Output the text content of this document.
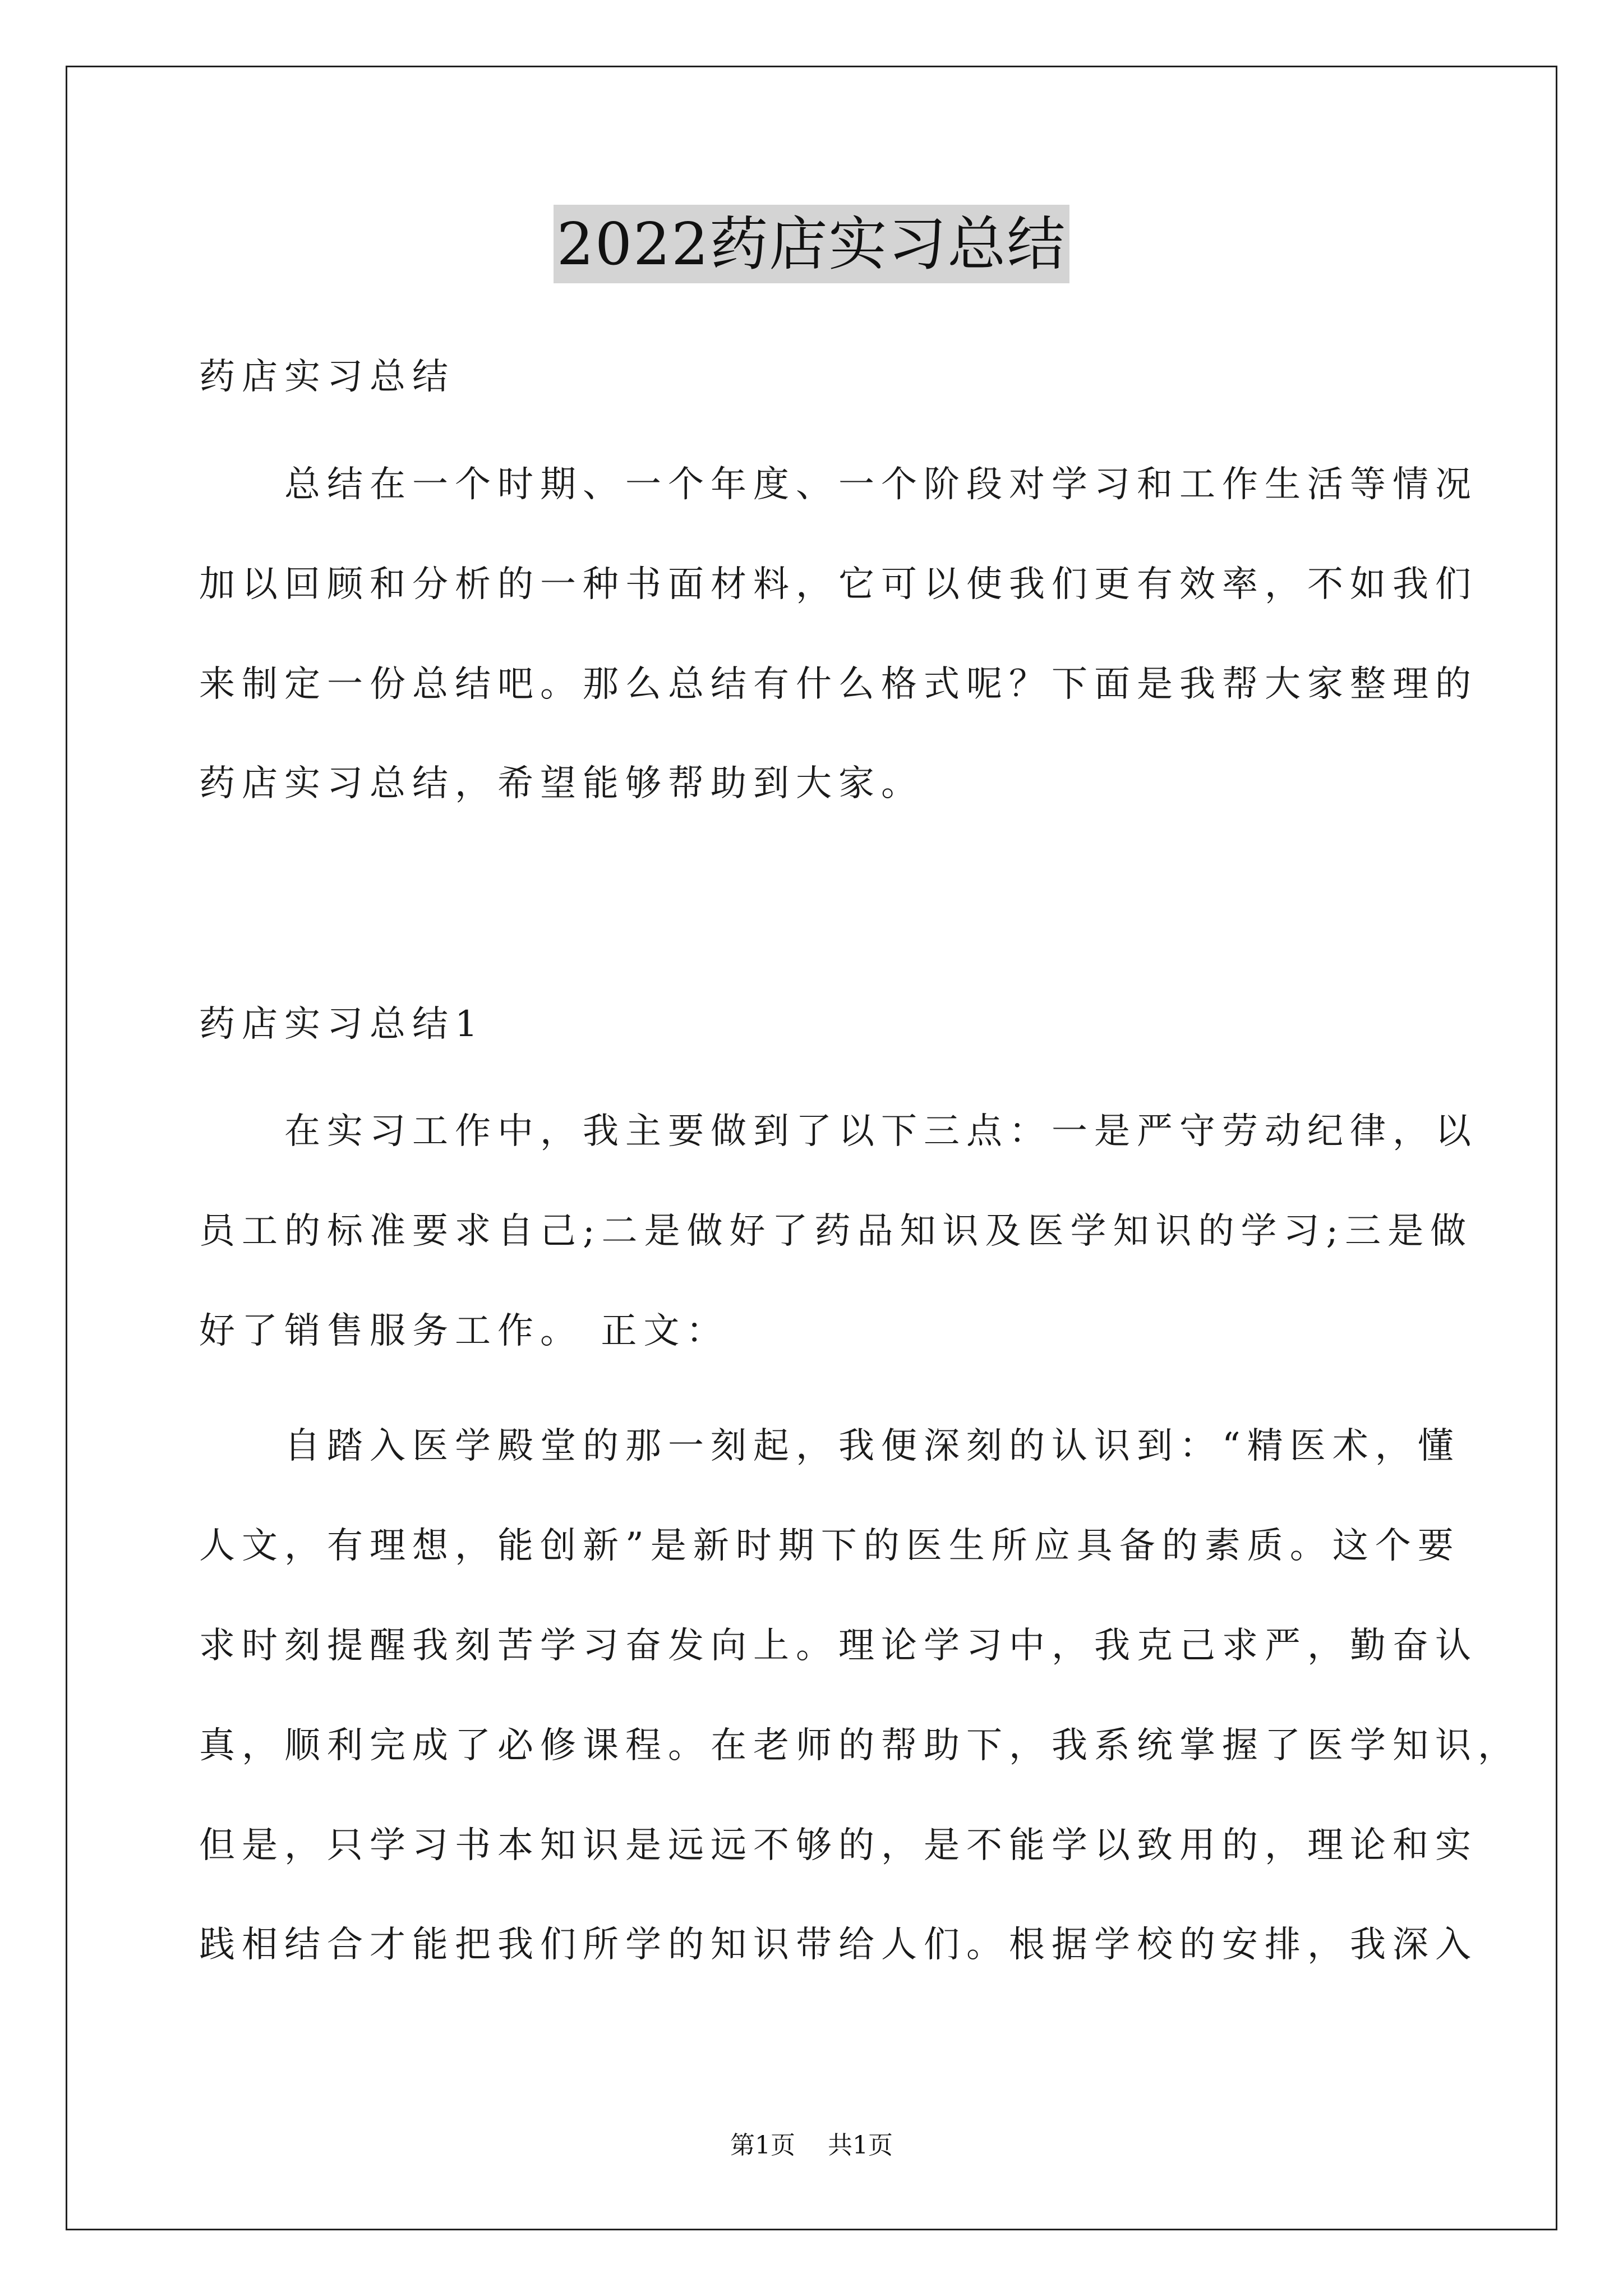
2022药店实习总结
药店实习总结
　　总结在一个时期、一个年度、一个阶段对学习和工作生活等情况
加以回顾和分析的一种书面材料，它可以使我们更有效率，不如我们
来制定一份总结吧。那么总结有什么格式呢？下面是我帮大家整理的
药店实习总结，希望能够帮助到大家。
药店实习总结1
　　在实习工作中，我主要做到了以下三点：一是严守劳动纪律，以
员工的标准要求自己;二是做好了药品知识及医学知识的学习;三是做
好了销售服务工作。 正文：
　　自踏入医学殿堂的那一刻起，我便深刻的认识到：“精医术，懂
人文，有理想，能创新”是新时期下的医生所应具备的素质。这个要
求时刻提醒我刻苦学习奋发向上。理论学习中，我克己求严，勤奋认
真，顺利完成了必修课程。在老师的帮助下，我系统掌握了医学知识，
但是，只学习书本知识是远远不够的，是不能学以致用的，理论和实
践相结合才能把我们所学的知识带给人们。根据学校的安排，我深入
第1页　 共1页
